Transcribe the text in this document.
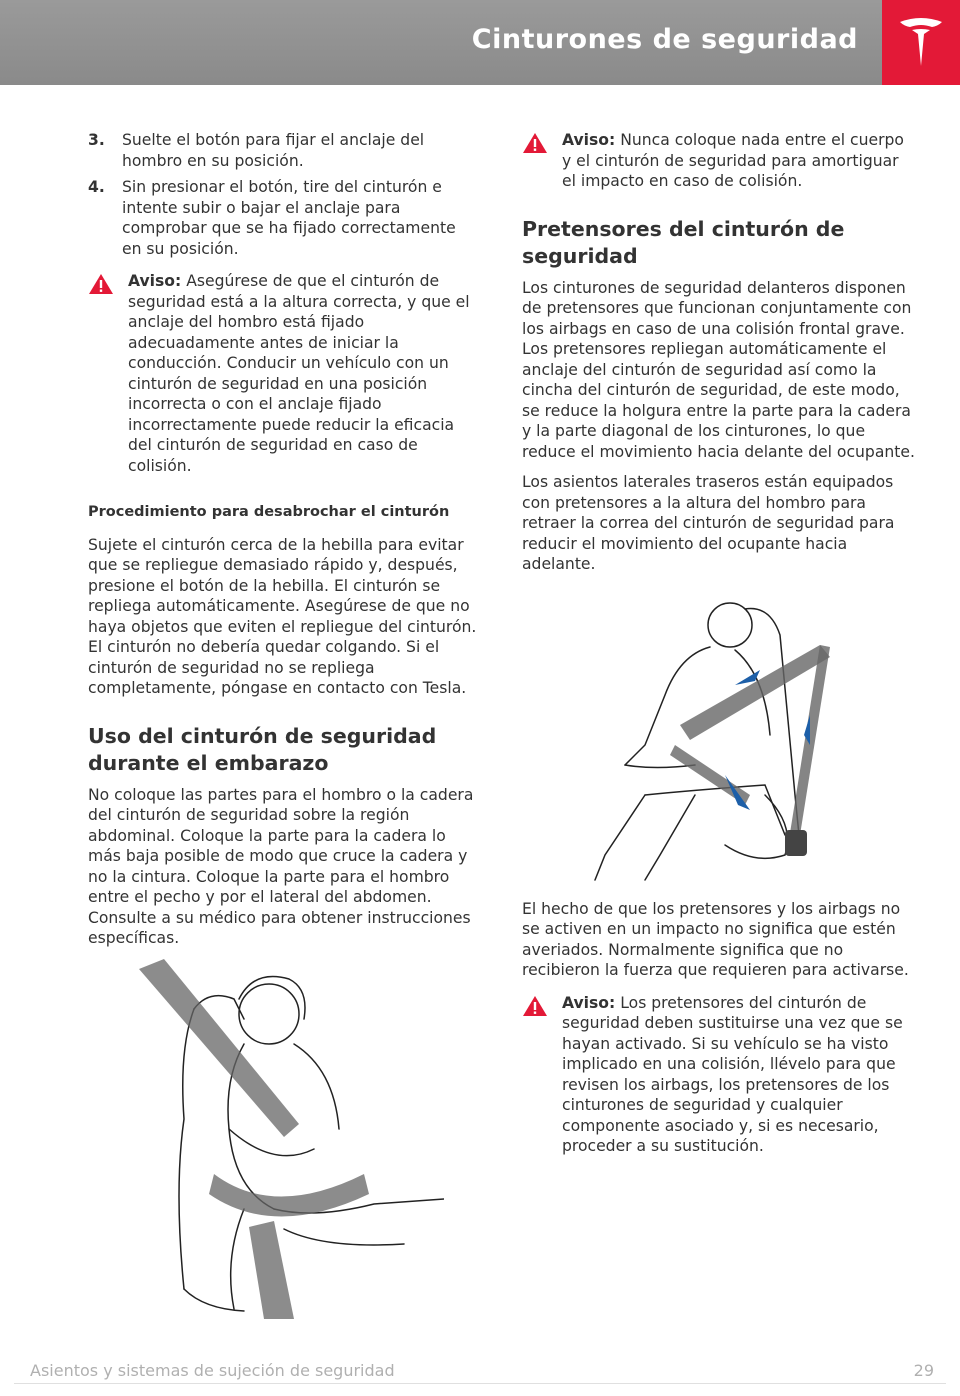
Cinturones de seguridad
3.	Suelte el botón para fijar el anclaje del hombro en su posición.
4.	Sin presionar el botón, tire del cinturón e intente subir o bajar el anclaje para comprobar que se ha fijado correctamente en su posición.
Aviso: Asegúrese de que el cinturón de seguridad está a la altura correcta, y que el anclaje del hombro está fijado adecuadamente antes de iniciar la conducción. Conducir un vehículo con un cinturón de seguridad en una posición incorrecta o con el anclaje fijado incorrectamente puede reducir la eficacia del cinturón de seguridad en caso de colisión.
Procedimiento para desabrochar el cinturón

Sujete el cinturón cerca de la hebilla para evitar que se repliegue demasiado rápido y, después, presione el botón de la hebilla. El cinturón se repliega automáticamente. Asegúrese de que no haya objetos que eviten el repliegue del cinturón. El cinturón no debería quedar colgando. Si el cinturón de seguridad no se repliega completamente, póngase en contacto con Tesla.

Uso del cinturón de seguridad durante el embarazo

No coloque las partes para el hombro o la cadera del cinturón de seguridad sobre la región abdominal. Coloque la parte para la cadera lo más baja posible de modo que cruce la cadera y no la cintura. Coloque la parte para el hombro entre el pecho y por el lateral del abdomen. Consulte a su médico para obtener instrucciones específicas.

Aviso: Nunca coloque nada entre el cuerpo y el cinturón de seguridad para amortiguar el impacto en caso de colisión.
Pretensores del cinturón de seguridad

Los cinturones de seguridad delanteros disponen de pretensores que funcionan conjuntamente con los airbags en caso de una colisión frontal grave. Los pretensores repliegan automáticamente el anclaje del cinturón de seguridad así como la cincha del cinturón de seguridad, de este modo, se reduce la holgura entre la parte para la cadera y la parte diagonal de los cinturones, lo que reduce el movimiento hacia delante del ocupante.

Los asientos laterales traseros están equipados con pretensores a la altura del hombro para retraer la correa del cinturón de seguridad para reducir el movimiento del ocupante hacia adelante.

El hecho de que los pretensores y los airbags no se activen en un impacto no significa que estén averiados. Normalmente significa que no recibieron la fuerza que requieren para activarse.

Aviso: Los pretensores del cinturón de seguridad deben sustituirse una vez que se hayan activado. Si su vehículo se ha visto implicado en una colisión, llévelo para que revisen los airbags, los pretensores de los cinturones de seguridad y cualquier componente asociado y, si es necesario, proceder a su sustitución.
Asientos y sistemas de sujeción de seguridad	29
